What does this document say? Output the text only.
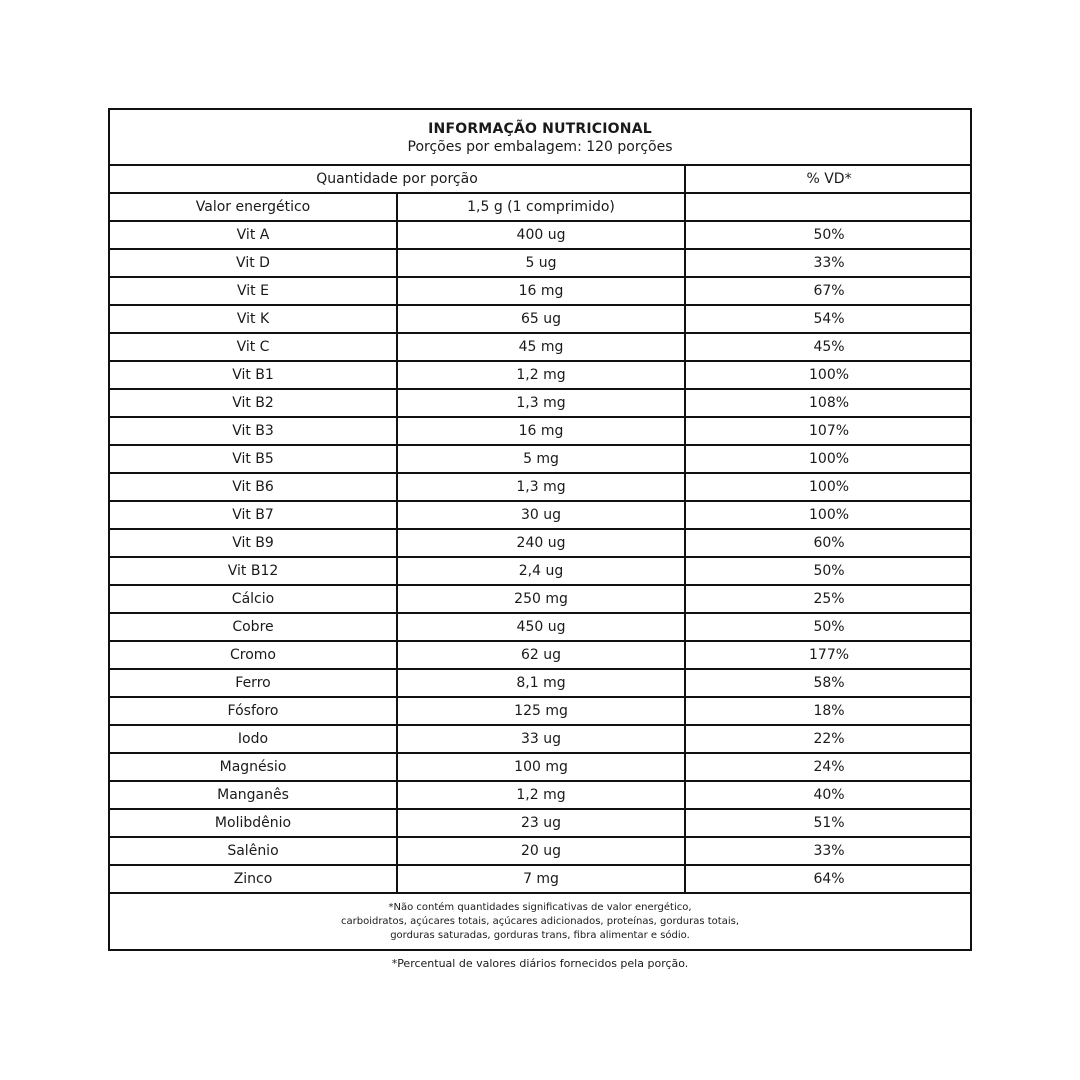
INFORMAÇÃO NUTRICIONAL
Porções por embalagem: 120 porções
Quantidade por porção		% VD*
Valor energético	1,5 g (1 comprimido)	
Vit A	400 ug	50%
Vit D	5 ug	33%
Vit E	16 mg	67%
Vit K	65 ug	54%
Vit C	45 mg	45%
Vit B1	1,2 mg	100%
Vit B2	1,3 mg	108%
Vit B3	16 mg	107%
Vit B5	5 mg	100%
Vit B6	1,3 mg	100%
Vit B7	30 ug	100%
Vit B9	240 ug	60%
Vit B12	2,4 ug	50%
Cálcio	250 mg	25%
Cobre	450 ug	50%
Cromo	62 ug	177%
Ferro	8,1 mg	58%
Fósforo	125 mg	18%
Iodo	33 ug	22%
Magnésio	100 mg	24%
Manganês	1,2 mg	40%
Molibdênio	23 ug	51%
Salênio	20 ug	33%
Zinco	7 mg	64%
*Não contém quantidades significativas de valor energético,
carboidratos, açúcares totais, açúcares adicionados, proteínas, gorduras totais,
gorduras saturadas, gorduras trans, fibra alimentar e sódio.
*Percentual de valores diários fornecidos pela porção.
